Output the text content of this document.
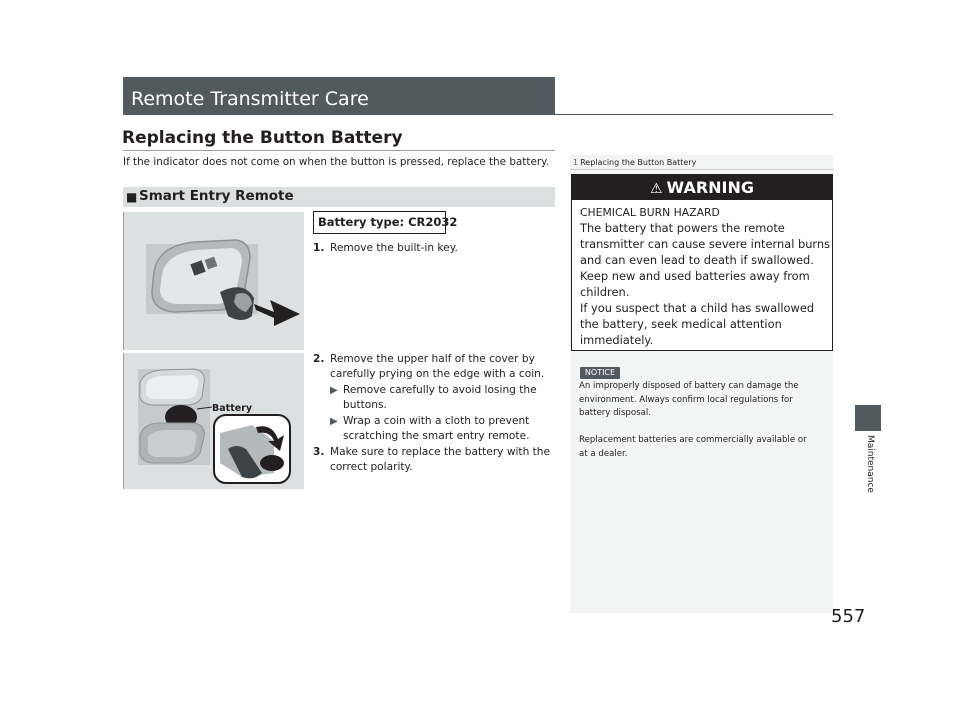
Remote Transmitter Care
Replacing the Button Battery
If the indicator does not come on when the button is pressed, replace the battery.
■ Smart Entry Remote
Battery type: CR2032
1. Remove the built-in key.
2. Remove the upper half of the cover by
carefully prying on the edge with a coin.
▶ Remove carefully to avoid losing the
buttons.
▶ Wrap a coin with a cloth to prevent
scratching the smart entry remote.
3. Make sure to replace the battery with the
correct polarity.
Battery
1 Replacing the Button Battery
⚠ WARNING
CHEMICAL BURN HAZARD
The battery that powers the remote
transmitter can cause severe internal burns
and can even lead to death if swallowed.
Keep new and used batteries away from
children.
If you suspect that a child has swallowed
the battery, seek medical attention
immediately.
NOTICE
An improperly disposed of battery can damage the
environment. Always confirm local regulations for
battery disposal.
Replacement batteries are commercially available or
at a dealer.	Maintenance
557
